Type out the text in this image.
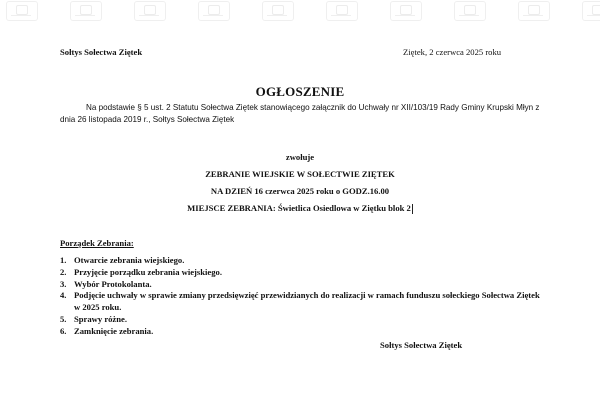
Sołtys Sołectwa Ziętek	Ziętek, 2 czerwca 2025 roku
OGŁOSZENIE
Na podstawie § 5 ust. 2 Statutu Sołectwa Ziętek stanowiącego załącznik do Uchwały nr XII/103/19 Rady Gminy Krupski Młyn z dnia 26 listopada 2019 r., Sołtys Sołectwa Ziętek
zwołuje
ZEBRANIE WIEJSKIE W SOŁECTWIE ZIĘTEK
NA DZIEŃ 16 czerwca 2025 roku o GODZ.16.00
MIEJSCE ZEBRANIA: Świetlica Osiedlowa w Ziętku blok 2
Porządek Zebrania:
1. Otwarcie zebrania wiejskiego.
2. Przyjęcie porządku zebrania wiejskiego.
3. Wybór Protokolanta.
4. Podjęcie uchwały w sprawie zmiany przedsięwzięć przewidzianych do realizacji w ramach funduszu sołeckiego Sołectwa Ziętek w 2025 roku.
5. Sprawy różne.
6. Zamknięcie zebrania.
Sołtys Sołectwa Ziętek
